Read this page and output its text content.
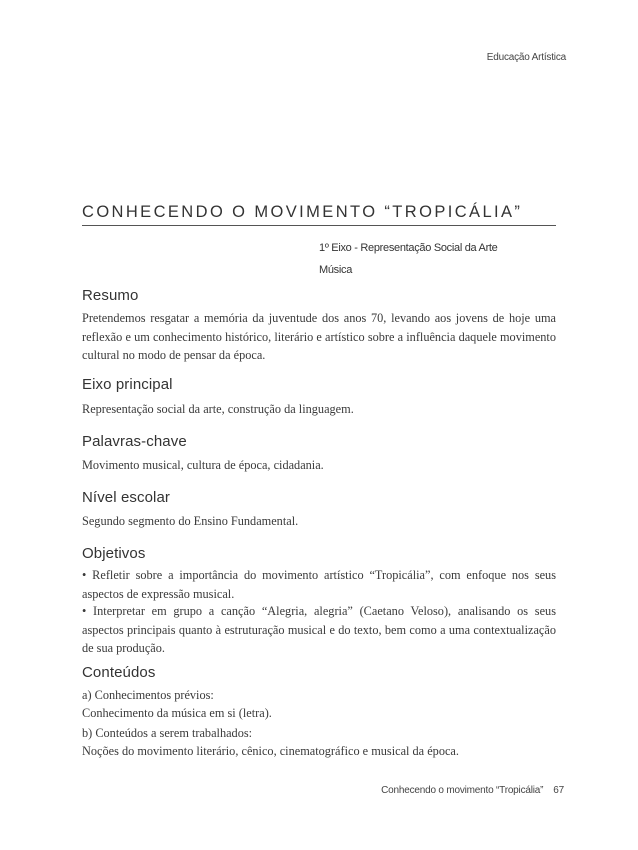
Educação Artística
CONHECENDO O MOVIMENTO “TROPICÁLIA”
1º Eixo - Representação Social da Arte
Música
Resumo
Pretendemos resgatar a memória da juventude dos anos 70, levando aos jovens de hoje uma reflexão e um conhecimento histórico, literário e artístico sobre a influência daquele movimento cultural no modo de pensar da época.
Eixo principal
Representação social da arte, construção da linguagem.
Palavras-chave
Movimento musical, cultura de época, cidadania.
Nível escolar
Segundo segmento do Ensino Fundamental.
Objetivos
• Refletir sobre a importância do movimento artístico “Tropicália”, com enfoque nos seus aspectos de expressão musical.
• Interpretar em grupo a canção “Alegria, alegria” (Caetano Veloso), analisando os seus aspectos principais quanto à estruturação musical e do texto, bem como a uma contextualização de sua produção.
Conteúdos
a) Conhecimentos prévios:
Conhecimento da música em si (letra).
b) Conteúdos a serem trabalhados:
Noções do movimento literário, cênico, cinematográfico e musical da época.
Conhecendo o movimento “Tropicália” 67
